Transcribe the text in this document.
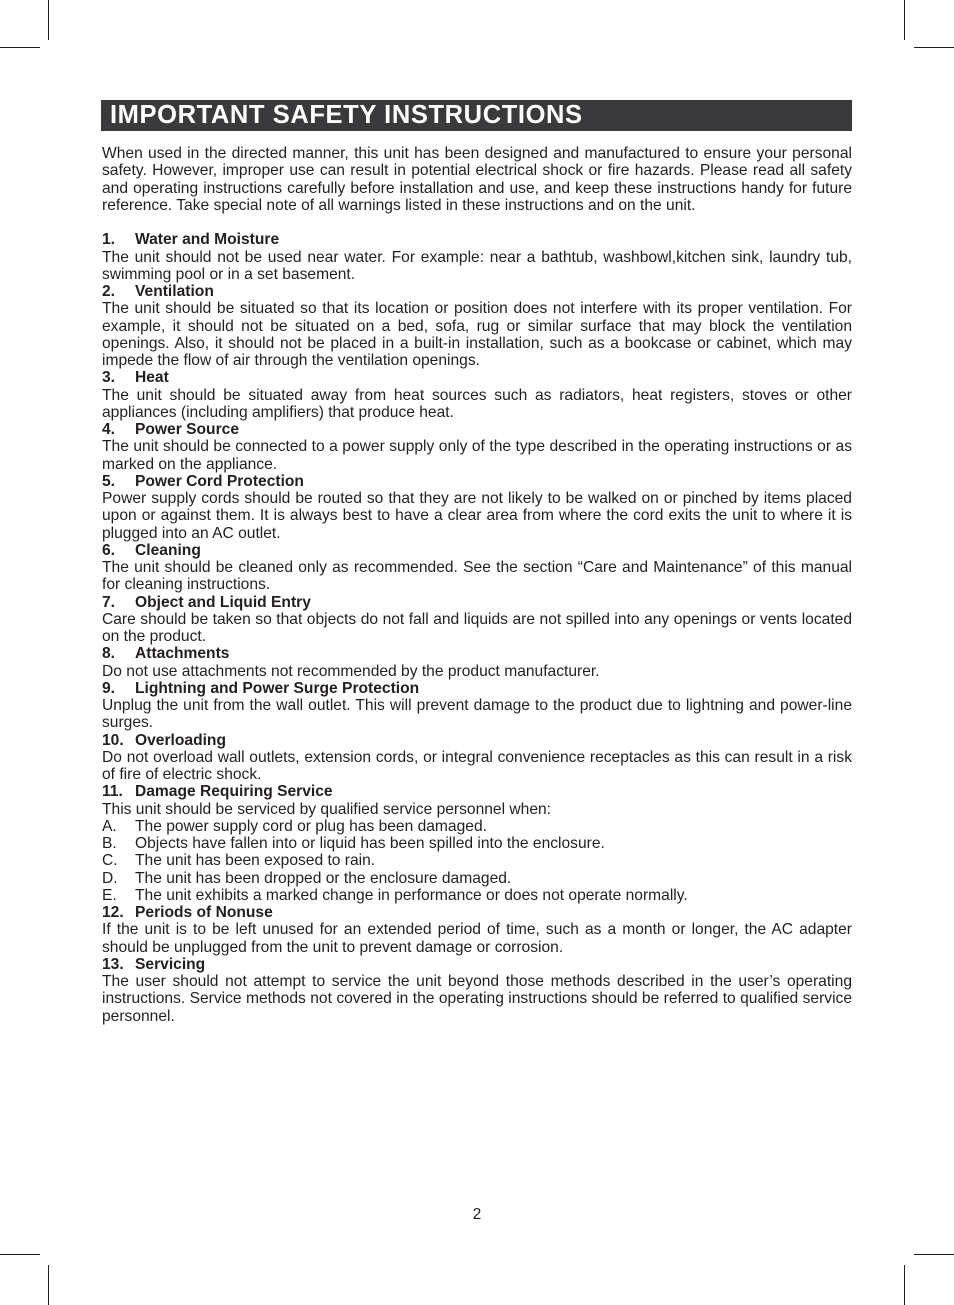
IMPORTANT SAFETY INSTRUCTIONS
When used in the directed manner, this unit has been designed and manufactured to ensure your personal safety. However, improper use can result in potential electrical shock or fire hazards. Please read all safety and operating instructions carefully before installation and use, and keep these instructions handy for future reference. Take special note of all warnings listed in these instructions and on the unit.
1.	Water and Moisture
The unit should not be used near water. For example: near a bathtub, washbowl,kitchen sink, laundry tub, swimming pool or in a set basement.
2.	Ventilation
The unit should be situated so that its location or position does not interfere with its proper ventilation. For example, it should not be situated on a bed, sofa, rug or similar surface that may block the ventilation openings. Also, it should not be placed in a built-in installation, such as a bookcase or cabinet, which may impede the flow of air through the ventilation openings.
3.	Heat
The unit should be situated away from heat sources such as radiators, heat registers, stoves or other appliances (including amplifiers) that produce heat.
4.	Power Source
The unit should be connected to a power supply only of the type described in the operating instructions or as marked on the appliance.
5.	Power Cord Protection
Power supply cords should be routed so that they are not likely to be walked on or pinched by items placed upon or against them. It is always best to have a clear area from where the cord exits the unit to where it is plugged into an AC outlet.
6.	Cleaning
The unit should be cleaned only as recommended. See the section “Care and Maintenance” of this manual for cleaning instructions.
7.	Object and Liquid Entry
Care should be taken so that objects do not fall and liquids are not spilled into any openings or vents located on the product.
8.	Attachments
Do not use attachments not recommended by the product manufacturer.
9.	Lightning and Power Surge Protection
Unplug the unit from the wall outlet. This will prevent damage to the product due to lightning and power-line surges.
10. Overloading
Do not overload wall outlets, extension cords, or integral convenience receptacles as this can result in a risk of fire of electric shock.
11. Damage Requiring Service
This unit should be serviced by qualified service personnel when:
A.	The power supply cord or plug has been damaged.
B.	Objects have fallen into or liquid has been spilled into the enclosure.
C.	The unit has been exposed to rain.
D.	The unit has been dropped or the enclosure damaged.
E.	The unit exhibits a marked change in performance or does not operate normally.
12. Periods of Nonuse
If the unit is to be left unused for an extended period of time, such as a month or longer, the AC adapter should be unplugged from the unit to prevent damage or corrosion.
13. Servicing
The user should not attempt to service the unit beyond those methods described in the user’s operating instructions. Service methods not covered in the operating instructions should be referred to qualified service personnel.
2
